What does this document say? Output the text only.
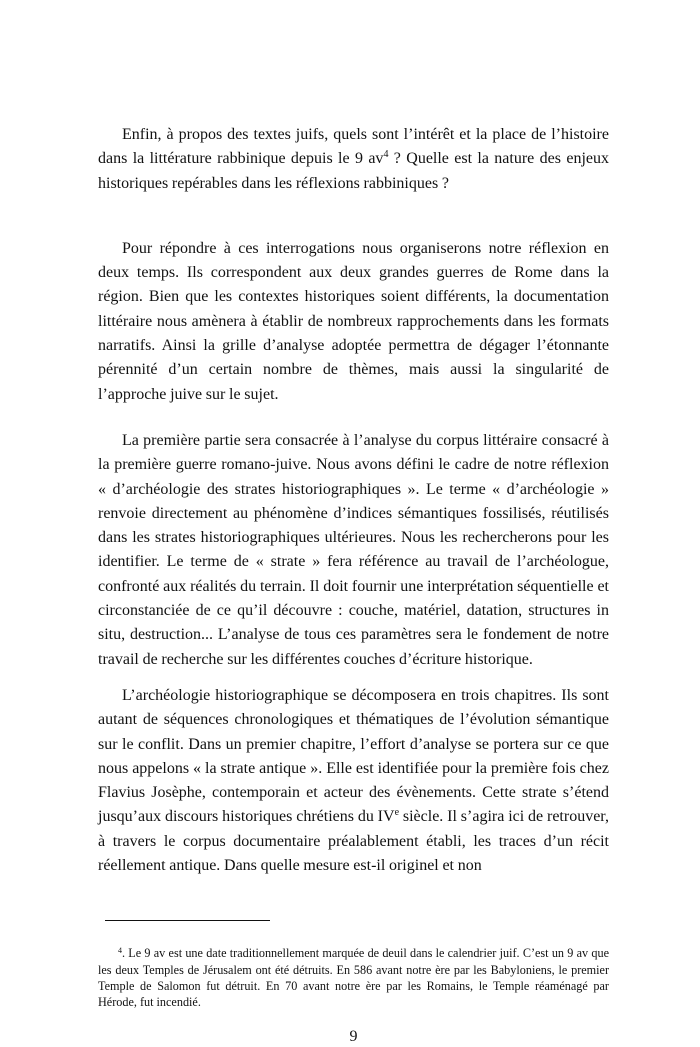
Enfin, à propos des textes juifs, quels sont l’intérêt et la place de l’histoire dans la littérature rabbinique depuis le 9 $av^4$ ? Quelle est la nature des enjeux historiques repérables dans les réflexions rabbiniques ?

Pour répondre à ces interrogations nous organiserons notre réflexion en deux temps. Ils correspondent aux deux grandes guerres de Rome dans la région. Bien que les contextes historiques soient différents, la documentation littéraire nous amènera à établir de nombreux rapprochements dans les formats narratifs. Ainsi la grille d’analyse adoptée permettra de dégager l’étonnante pérennité d’un certain nombre de thèmes, mais aussi la singularité de l’approche juive sur le sujet.

La première partie sera consacrée à l’analyse du corpus littéraire consacré à la première guerre romano-juive. Nous avons défini le cadre de notre réflexion « d’archéologie des strates historiographiques ». Le terme « d’archéologie » renvoie directement au phénomène d’indices sémantiques fossilisés, réutilisés dans les strates historiographiques ultérieures. Nous les rechercherons pour les identifier. Le terme de « strate » fera référence au travail de l’archéologue, confronté aux réalités du terrain. Il doit fournir une interprétation séquentielle et circonstanciée de ce qu’il découvre : couche, matériel, datation, structures in situ, destruction... L’analyse de tous ces paramètres sera le fondement de notre travail de recherche sur les différentes couches d’écriture historique.

L’archéologie historiographique se décomposera en trois chapitres. Ils sont autant de séquences chronologiques et thématiques de l’évolution sémantique sur le conflit. Dans un premier chapitre, l’effort d’analyse se portera sur ce que nous appelons « la strate antique ». Elle est identifiée pour la première fois chez Flavius Josèphe, contemporain et acteur des évènements. Cette strate s’étend jusqu’aux discours historiques chrétiens du IVe siècle. Il s’agira ici de retrouver, à travers le corpus documentaire préalablement établi, les traces d’un récit réellement antique. Dans quelle mesure est-il originel et non

$^4$. Le 9 av est une date traditionnellement marquée de deuil dans le calendrier juif. C’est un 9 av que les deux Temples de Jérusalem ont été détruits. En 586 avant notre ère par les Babyloniens, le premier Temple de Salomon fut détruit. En 70 avant notre ère par les Romains, le Temple réaménagé par Hérode, fut incendié.

9
